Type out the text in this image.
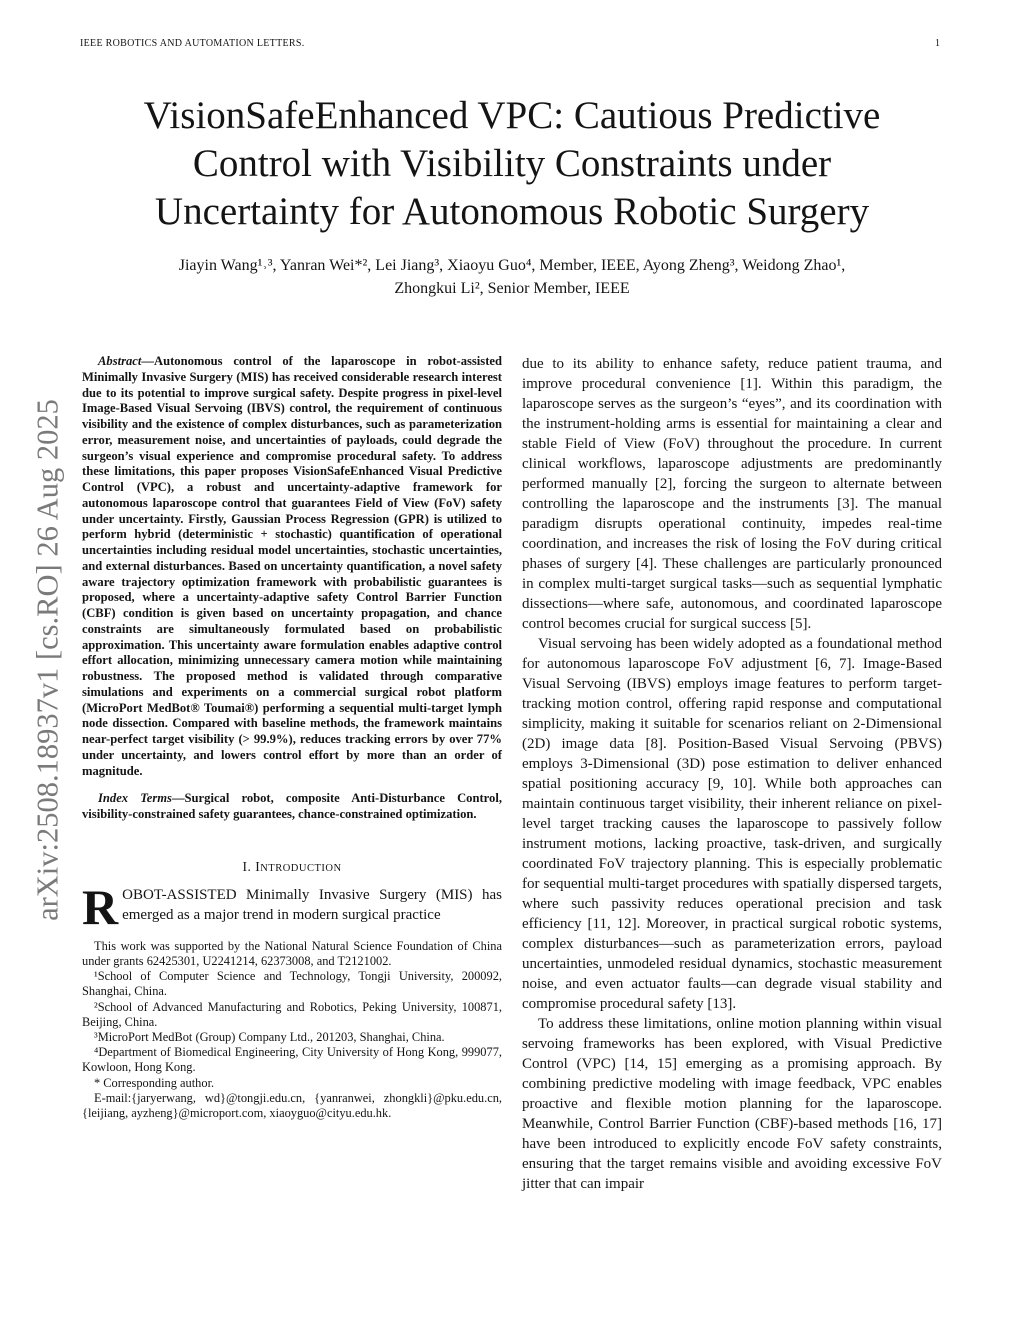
IEEE ROBOTICS AND AUTOMATION LETTERS.	1
arXiv:2508.18937v1 [cs.RO] 26 Aug 2025
VisionSafeEnhanced VPC: Cautious Predictive
Control with Visibility Constraints under
Uncertainty for Autonomous Robotic Surgery
Jiayin Wang¹˒³, Yanran Wei*², Lei Jiang³, Xiaoyu Guo⁴, Member, IEEE, Ayong Zheng³, Weidong Zhao¹,
Zhongkui Li², Senior Member, IEEE

Abstract—Autonomous control of the laparoscope in robot-assisted Minimally Invasive Surgery (MIS) has received considerable research interest due to its potential to improve surgical safety. Despite progress in pixel-level Image-Based Visual Servoing (IBVS) control, the requirement of continuous visibility and the existence of complex disturbances, such as parameterization error, measurement noise, and uncertainties of payloads, could degrade the surgeon’s visual experience and compromise procedural safety. To address these limitations, this paper proposes VisionSafeEnhanced Visual Predictive Control (VPC), a robust and uncertainty-adaptive framework for autonomous laparoscope control that guarantees Field of View (FoV) safety under uncertainty. Firstly, Gaussian Process Regression (GPR) is utilized to perform hybrid (deterministic + stochastic) quantification of operational uncertainties including residual model uncertainties, stochastic uncertainties, and external disturbances. Based on uncertainty quantification, a novel safety aware trajectory optimization framework with probabilistic guarantees is proposed, where a uncertainty-adaptive safety Control Barrier Function (CBF) condition is given based on uncertainty propagation, and chance constraints are simultaneously formulated based on probabilistic approximation. This uncertainty aware formulation enables adaptive control effort allocation, minimizing unnecessary camera motion while maintaining robustness. The proposed method is validated through comparative simulations and experiments on a commercial surgical robot platform (MicroPort MedBot® Toumai®) performing a sequential multi-target lymph node dissection. Compared with baseline methods, the framework maintains near-perfect target visibility (> 99.9%), reduces tracking errors by over 77% under uncertainty, and lowers control effort by more than an order of magnitude.

Index Terms—Surgical robot, composite Anti-Disturbance Control, visibility-constrained safety guarantees, chance-constrained optimization.

I. INTRODUCTION

ROBOT-ASSISTED Minimally Invasive Surgery (MIS) has emerged as a major trend in modern surgical practice

This work was supported by the National Natural Science Foundation of China under grants 62425301, U2241214, 62373008, and T2121002.

¹School of Computer Science and Technology, Tongji University, 200092, Shanghai, China.

²School of Advanced Manufacturing and Robotics, Peking University, 100871, Beijing, China.

³MicroPort MedBot (Group) Company Ltd., 201203, Shanghai, China.

⁴Department of Biomedical Engineering, City University of Hong Kong, 999077, Kowloon, Hong Kong.

* Corresponding author.

E-mail:{jaryerwang, wd}@tongji.edu.cn, {yanranwei, zhongkli}@pku.edu.cn, {leijiang, ayzheng}@microport.com, xiaoyguo@cityu.edu.hk.

due to its ability to enhance safety, reduce patient trauma, and improve procedural convenience [1]. Within this paradigm, the laparoscope serves as the surgeon’s “eyes”, and its coordination with the instrument-holding arms is essential for maintaining a clear and stable Field of View (FoV) throughout the procedure. In current clinical workflows, laparoscope adjustments are predominantly performed manually [2], forcing the surgeon to alternate between controlling the laparoscope and the instruments [3]. The manual paradigm disrupts operational continuity, impedes real-time coordination, and increases the risk of losing the FoV during critical phases of surgery [4]. These challenges are particularly pronounced in complex multi-target surgical tasks—such as sequential lymphatic dissections—where safe, autonomous, and coordinated laparoscope control becomes crucial for surgical success [5].

Visual servoing has been widely adopted as a foundational method for autonomous laparoscope FoV adjustment [6, 7]. Image-Based Visual Servoing (IBVS) employs image features to perform target-tracking motion control, offering rapid response and computational simplicity, making it suitable for scenarios reliant on 2-Dimensional (2D) image data [8]. Position-Based Visual Servoing (PBVS) employs 3-Dimensional (3D) pose estimation to deliver enhanced spatial positioning accuracy [9, 10]. While both approaches can maintain continuous target visibility, their inherent reliance on pixel-level target tracking causes the laparoscope to passively follow instrument motions, lacking proactive, task-driven, and surgically coordinated FoV trajectory planning. This is especially problematic for sequential multi-target procedures with spatially dispersed targets, where such passivity reduces operational precision and task efficiency [11, 12]. Moreover, in practical surgical robotic systems, complex disturbances—such as parameterization errors, payload uncertainties, unmodeled residual dynamics, stochastic measurement noise, and even actuator faults—can degrade visual stability and compromise procedural safety [13].

To address these limitations, online motion planning within visual servoing frameworks has been explored, with Visual Predictive Control (VPC) [14, 15] emerging as a promising approach. By combining predictive modeling with image feedback, VPC enables proactive and flexible motion planning for the laparoscope. Meanwhile, Control Barrier Function (CBF)-based methods [16, 17] have been introduced to explicitly encode FoV safety constraints, ensuring that the target remains visible and avoiding excessive FoV jitter that can impair
